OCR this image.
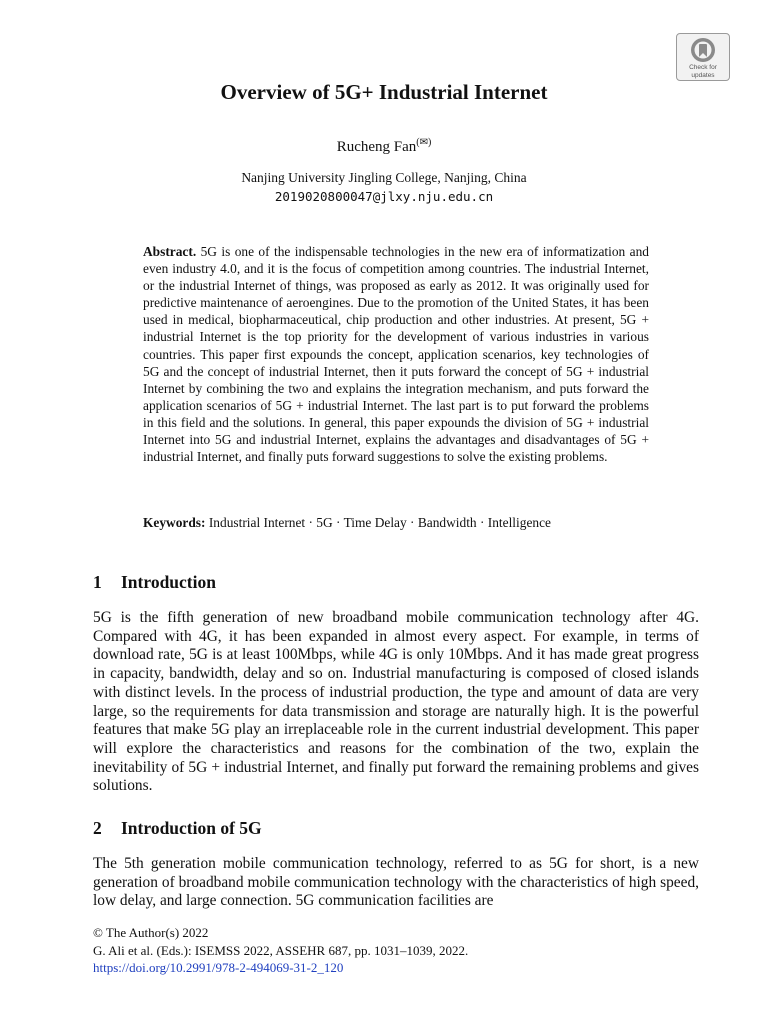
Check for
updates
Overview of 5G+ Industrial Internet
Rucheng Fan(✉)
Nanjing University Jingling College, Nanjing, China
2019020800047@jlxy.nju.edu.cn

Abstract. 5G is one of the indispensable technologies in the new era of informatization and even industry 4.0, and it is the focus of competition among countries. The industrial Internet, or the industrial Internet of things, was proposed as early as 2012. It was originally used for predictive maintenance of aeroengines. Due to the promotion of the United States, it has been used in medical, biopharmaceutical, chip production and other industries. At present, 5G + industrial Internet is the top priority for the development of various industries in various countries. This paper first expounds the concept, application scenarios, key technologies of 5G and the concept of industrial Internet, then it puts forward the concept of 5G + industrial Internet by combining the two and explains the integration mechanism, and puts forward the application scenarios of 5G + industrial Internet. The last part is to put forward the problems in this field and the solutions. In general, this paper expounds the division of 5G + industrial Internet into 5G and industrial Internet, explains the advantages and disadvantages of 5G + industrial Internet, and finally puts forward suggestions to solve the existing problems.

Keywords: Industrial Internet · 5G · Time Delay · Bandwidth · Intelligence

1 Introduction

5G is the fifth generation of new broadband mobile communication technology after 4G. Compared with 4G, it has been expanded in almost every aspect. For example, in terms of download rate, 5G is at least 100Mbps, while 4G is only 10Mbps. And it has made great progress in capacity, bandwidth, delay and so on. Industrial manufacturing is composed of closed islands with distinct levels. In the process of industrial production, the type and amount of data are very large, so the requirements for data transmission and storage are naturally high. It is the powerful features that make 5G play an irreplaceable role in the current industrial development. This paper will explore the characteristics and reasons for the combination of the two, explain the inevitability of 5G + industrial Internet, and finally put forward the remaining problems and gives solutions.

2 Introduction of 5G

The 5th generation mobile communication technology, referred to as 5G for short, is a new generation of broadband mobile communication technology with the characteristics of high speed, low delay, and large connection. 5G communication facilities are

© The Author(s) 2022
G. Ali et al. (Eds.): ISEMSS 2022, ASSEHR 687, pp. 1031–1039, 2022.
https://doi.org/10.2991/978-2-494069-31-2_120
